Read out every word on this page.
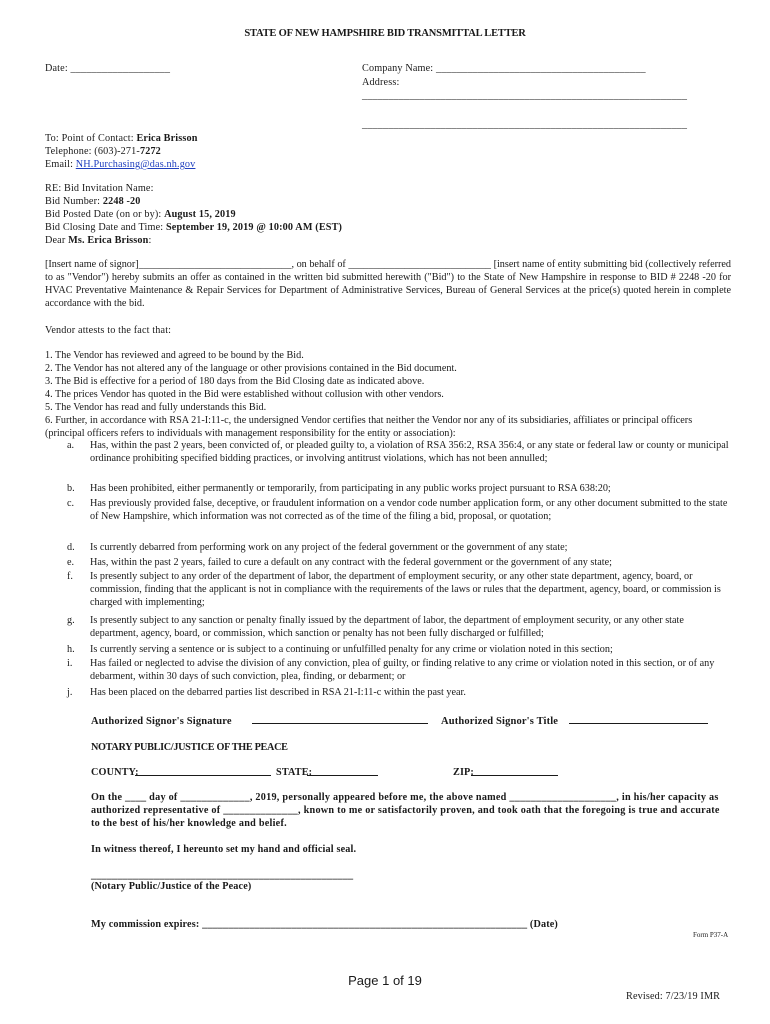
STATE OF NEW HAMPSHIRE BID TRANSMITTAL LETTER
Date: ___________________	Company Name: ________________________________________
Address:
______________________________________________________________
______________________________________________________________
To: Point of Contact: Erica Brisson
Telephone: (603)-271-7272
Email: NH.Purchasing@das.nh.gov
RE: Bid Invitation Name:
Bid Number: 2248 -20
Bid Posted Date (on or by): August 15, 2019
Bid Closing Date and Time: September 19, 2019 @ 10:00 AM (EST)
Dear Ms. Erica Brisson:
[Insert name of signor]______________________________, on behalf of ____________________________ [insert name of entity submitting bid (collectively referred to as "Vendor") hereby submits an offer as contained in the written bid submitted herewith ("Bid") to the State of New Hampshire in response to BID # 2248 -20 for HVAC Preventative Maintenance & Repair Services for Department of Administrative Services, Bureau of General Services at the price(s) quoted herein in complete accordance with the bid.
Vendor attests to the fact that:
1. The Vendor has reviewed and agreed to be bound by the Bid.
2. The Vendor has not altered any of the language or other provisions contained in the Bid document.
3. The Bid is effective for a period of 180 days from the Bid Closing date as indicated above.
4. The prices Vendor has quoted in the Bid were established without collusion with other vendors.
5. The Vendor has read and fully understands this Bid.
6. Further, in accordance with RSA 21-I:11-c, the undersigned Vendor certifies that neither the Vendor nor any of its subsidiaries, affiliates or principal officers (principal officers refers to individuals with management responsibility for the entity or association):
a.	Has, within the past 2 years, been convicted of, or pleaded guilty to, a violation of RSA 356:2, RSA 356:4, or any state or federal law or county or municipal ordinance prohibiting specified bidding practices, or involving antitrust violations, which has not been annulled;
b.	Has been prohibited, either permanently or temporarily, from participating in any public works project pursuant to RSA 638:20;
c.	Has previously provided false, deceptive, or fraudulent information on a vendor code number application form, or any other document submitted to the state of New Hampshire, which information was not corrected as of the time of the filing a bid, proposal, or quotation;
d.	Is currently debarred from performing work on any project of the federal government or the government of any state;
e.	Has, within the past 2 years, failed to cure a default on any contract with the federal government or the government of any state;
f.	Is presently subject to any order of the department of labor, the department of employment security, or any other state department, agency, board, or commission, finding that the applicant is not in compliance with the requirements of the laws or rules that the department, agency, board, or commission is charged with implementing;
g.	Is presently subject to any sanction or penalty finally issued by the department of labor, the department of employment security, or any other state department, agency, board, or commission, which sanction or penalty has not been fully discharged or fulfilled;
h.	Is currently serving a sentence or is subject to a continuing or unfulfilled penalty for any crime or violation noted in this section;
i.	Has failed or neglected to advise the division of any conviction, plea of guilty, or finding relative to any crime or violation noted in this section, or of any debarment, within 30 days of such conviction, plea, finding, or debarment; or
j.	Has been placed on the debarred parties list described in RSA 21-I:11-c within the past year.
Authorized Signor's Signature	Authorized Signor's Title
NOTARY PUBLIC/JUSTICE OF THE PEACE
COUNTY:	STATE:	ZIP:
On the ____ day of _____________, 2019, personally appeared before me, the above named ____________________, in his/her capacity as authorized representative of ______________, known to me or satisfactorily proven, and took oath that the foregoing is true and accurate to the best of his/her knowledge and belief.
In witness thereof, I hereunto set my hand and official seal.
__________________________________________________
(Notary Public/Justice of the Peace)
My commission expires: ______________________________________________________________ (Date)
Form P37-A
Page 1 of 19
Revised: 7/23/19 IMR
